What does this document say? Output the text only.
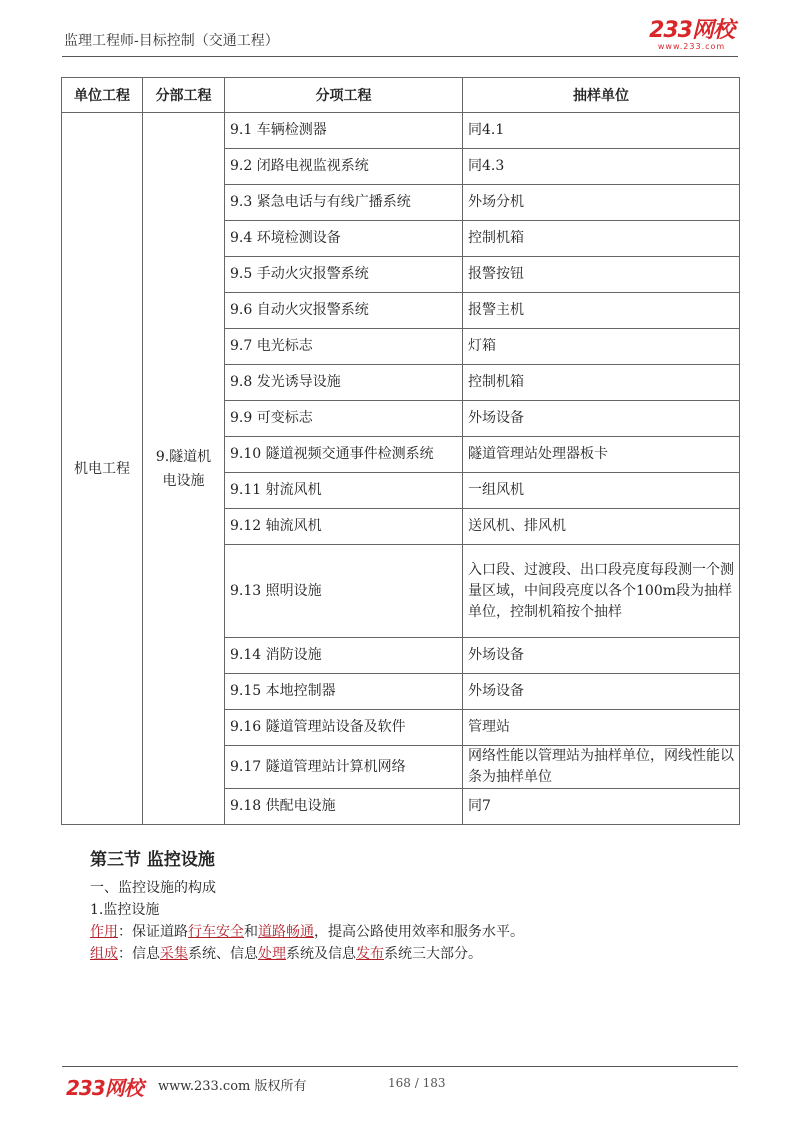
监理工程师-目标控制（交通工程）	233网校
www.233.com
单位工程	分部工程	分项工程	抽样单位
机电工程	9.隧道机电设施	9.1 车辆检测器	同4.1
		9.2 闭路电视监视系统	同4.3
		9.3 紧急电话与有线广播系统	外场分机
		9.4 环境检测设备	控制机箱
		9.5 手动火灾报警系统	报警按钮
		9.6 自动火灾报警系统	报警主机
		9.7 电光标志	灯箱
		9.8 发光诱导设施	控制机箱
		9.9 可变标志	外场设备
		9.10 隧道视频交通事件检测系统	隧道管理站处理器板卡
		9.11 射流风机	一组风机
		9.12 轴流风机	送风机、排风机
		9.13 照明设施	入口段、过渡段、出口段亮度每段测一个测量区域，中间段亮度以各个100m段为抽样单位，控制机箱按个抽样
		9.14 消防设施	外场设备
		9.15 本地控制器	外场设备
		9.16 隧道管理站设备及软件	管理站
		9.17 隧道管理站计算机网络	网络性能以管理站为抽样单位，网线性能以条为抽样单位
		9.18 供配电设施	同7
第三节 监控设施
一、监控设施的构成
1.监控设施
作用：保证道路行车安全和道路畅通，提高公路使用效率和服务水平。
组成：信息采集系统、信息处理系统及信息发布系统三大部分。
233网校 www.233.com 版权所有	168 / 183
